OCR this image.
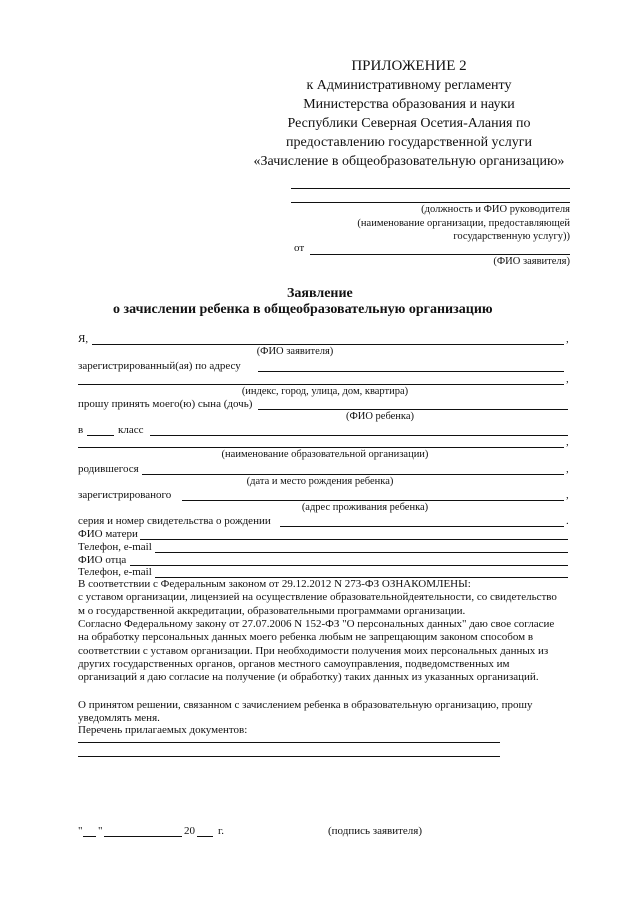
ПРИЛОЖЕНИЕ 2
к Административному регламенту
Министерства образования и науки
Республики Северная Осетия-Алания по
предоставлению государственной услуги
«Зачисление в общеобразовательную организацию»
(должность и ФИО руководителя
(наименование организации, предоставляющей
государственную услугу))
от
(ФИО заявителя)
Заявление
о зачислении ребенка в общеобразовательную организацию
Я,	,
(ФИО заявителя)
зарегистрированный(ая) по адресу
,
(индекс, город, улица, дом, квартира)
прошу принять моего(ю) сына (дочь)
(ФИО ребенка)
в	класс
,
(наименование образовательной организации)
родившегося	,
(дата и место рождения ребенка)
зарегистрированого	,
(адрес проживания ребенка)
серия и номер свидетельства о рождении	.
ФИО матери
Телефон, e-mail
ФИО отца
Телефон, e-mail
В соответствии с Федеральным законом от 29.12.2012 N 273-ФЗ ОЗНАКОМЛЕНЫ:
с уставом организации, лицензией на осуществление образовательнойдеятельности, со свидетельство
м о государственной аккредитации, образовательными программами организации.
Согласно Федеральному закону от 27.07.2006 N 152-ФЗ "О персональных данных" даю свое согласие
на обработку персональных данных моего ребенка любым не запрещающим законом способом в
соответствии с уставом организации. При необходимости получения моих персональных данных из
других государственных органов, органов местного самоуправления, подведомственных им
организаций я даю согласие на получение (и обработку) таких данных из указанных организаций.
О принятом решении, связанном с зачислением ребенка в образовательную организацию, прошу
уведомлять меня.
Перечень прилагаемых документов:
" "	20 г.	(подпись заявителя)
